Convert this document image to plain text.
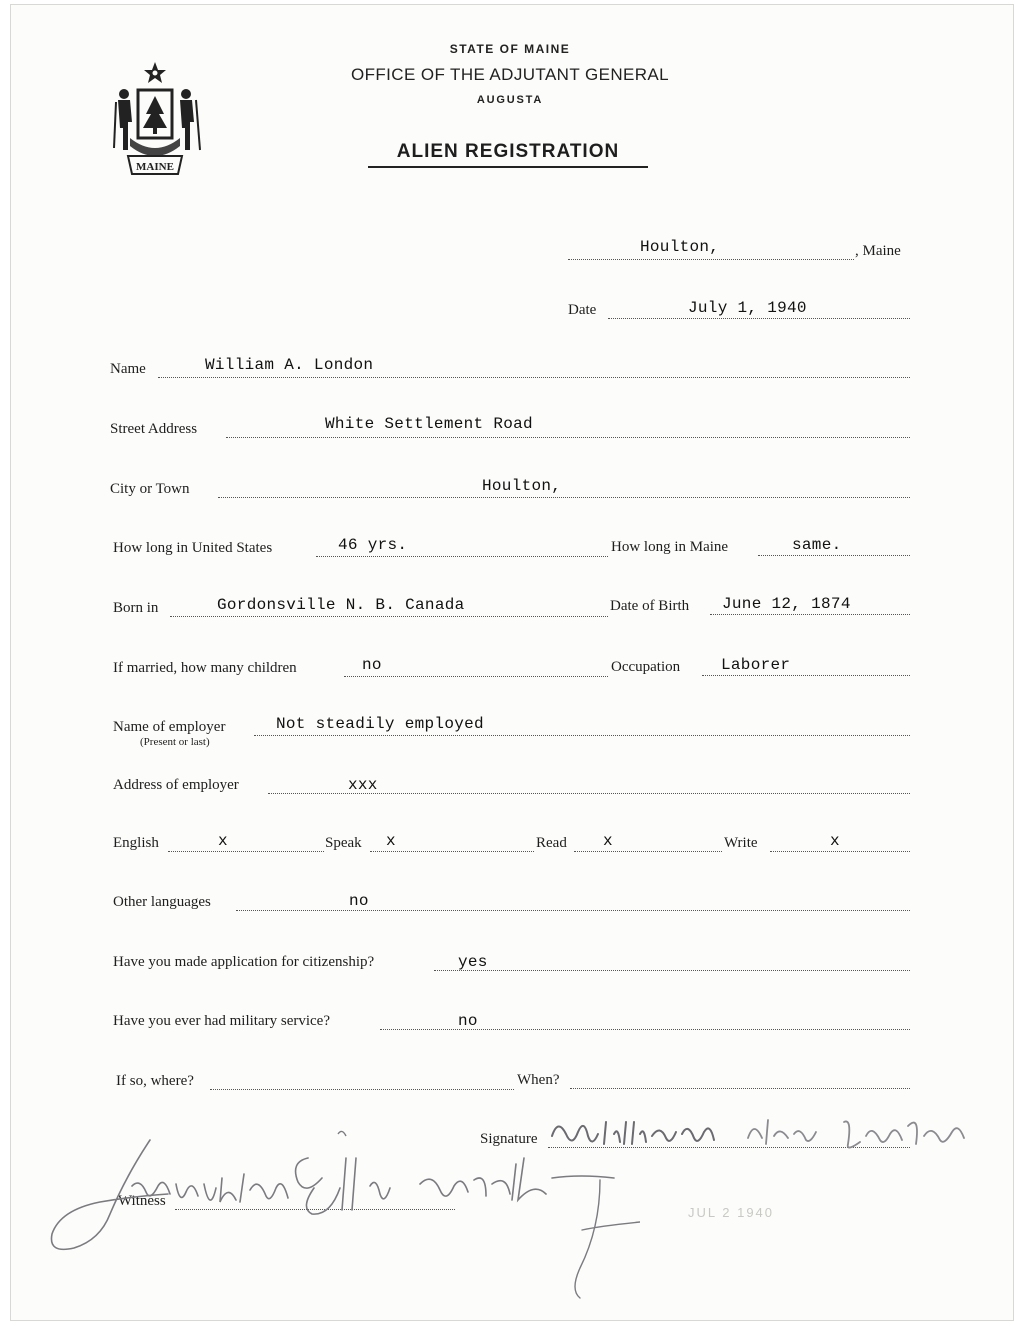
MAINE
STATE OF MAINE
OFFICE OF THE ADJUTANT GENERAL
AUGUSTA
ALIEN REGISTRATION
Houlton,	, Maine
Date	July 1, 1940
Name	William A. London
Street Address	White Settlement Road
City or Town	Houlton,
How long in United States	46 yrs.	How long in Maine	same.
Born in	Gordonsville N. B. Canada	Date of Birth June 12, 1874
If married, how many children	no	Occupation	Laborer
Name of employer
(Present or last)
Not steadily employed
Address of employer	xxx
English	x	Speak x	Read x	Write	x
Other languages	no
Have you made application for citizenship?	yes
Have you ever had military service?	no
If so, where?	When?
Signature
Witness
JUL 2 1940
